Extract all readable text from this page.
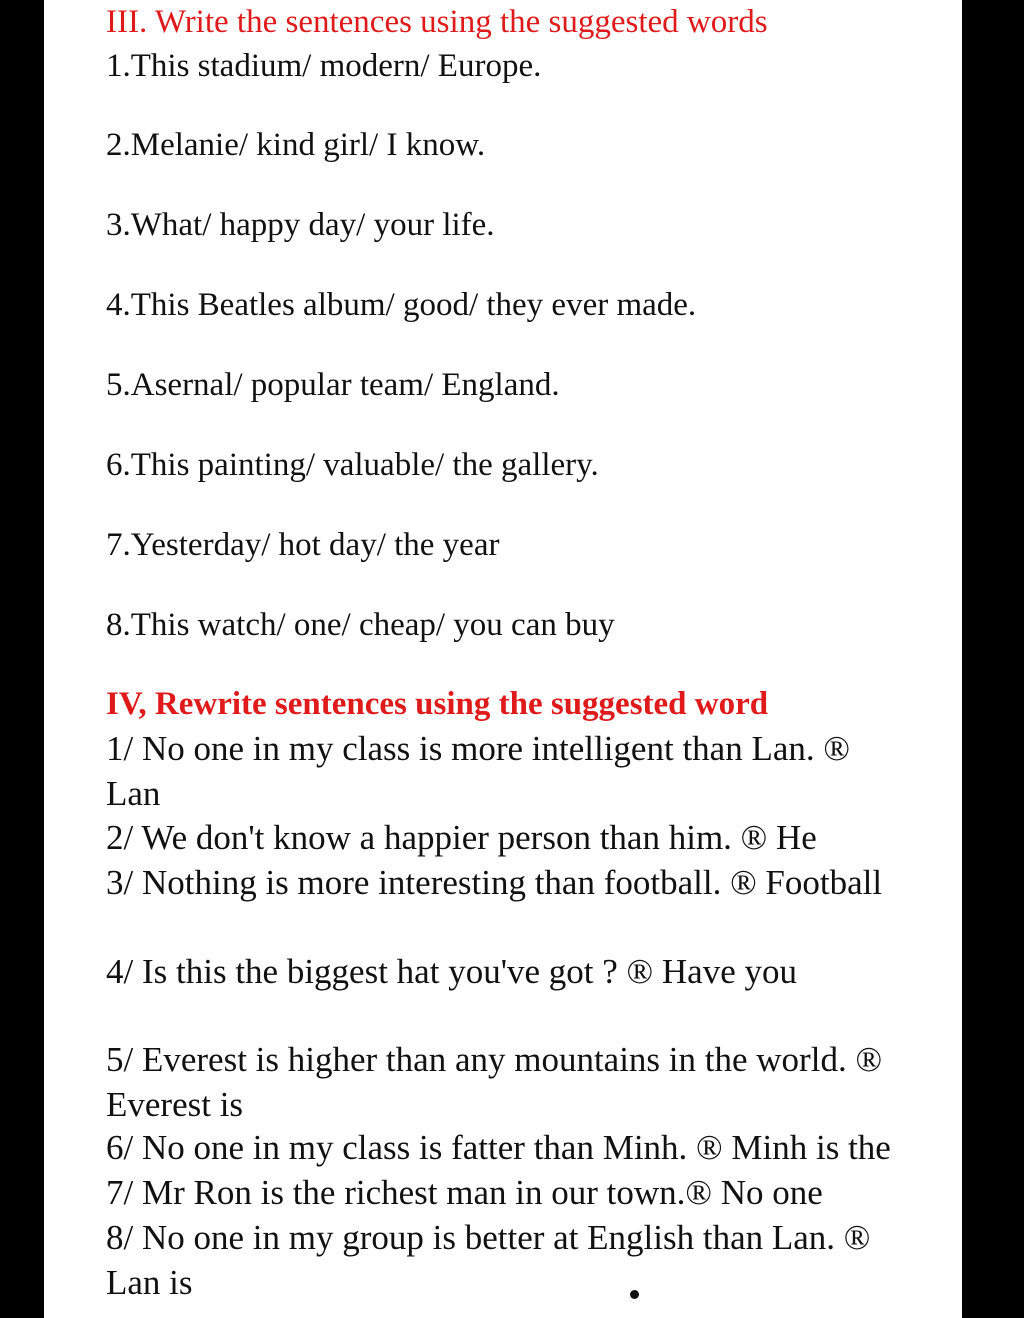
III. Write the sentences using the suggested words
1.This stadium/ modern/ Europe.
2.Melanie/ kind girl/ I know.
3.What/ happy day/ your life.
4.This Beatles album/ good/ they ever made.
5.Asernal/ popular team/ England.
6.This painting/ valuable/ the gallery.
7.Yesterday/ hot day/ the year
8.This watch/ one/ cheap/ you can buy
IV, Rewrite sentences using the suggested word
1/ No one in my class is more intelligent than Lan. ®
Lan
2/ We don't know a happier person than him. ® He
3/ Nothing is more interesting than football. ® Football
4/ Is this the biggest hat you've got ? ® Have you
5/ Everest is higher than any mountains in the world. ®
Everest is
6/ No one in my class is fatter than Minh. ® Minh is the
7/ Mr Ron is the richest man in our town.® No one
8/ No one in my group is better at English than Lan. ®
Lan is
